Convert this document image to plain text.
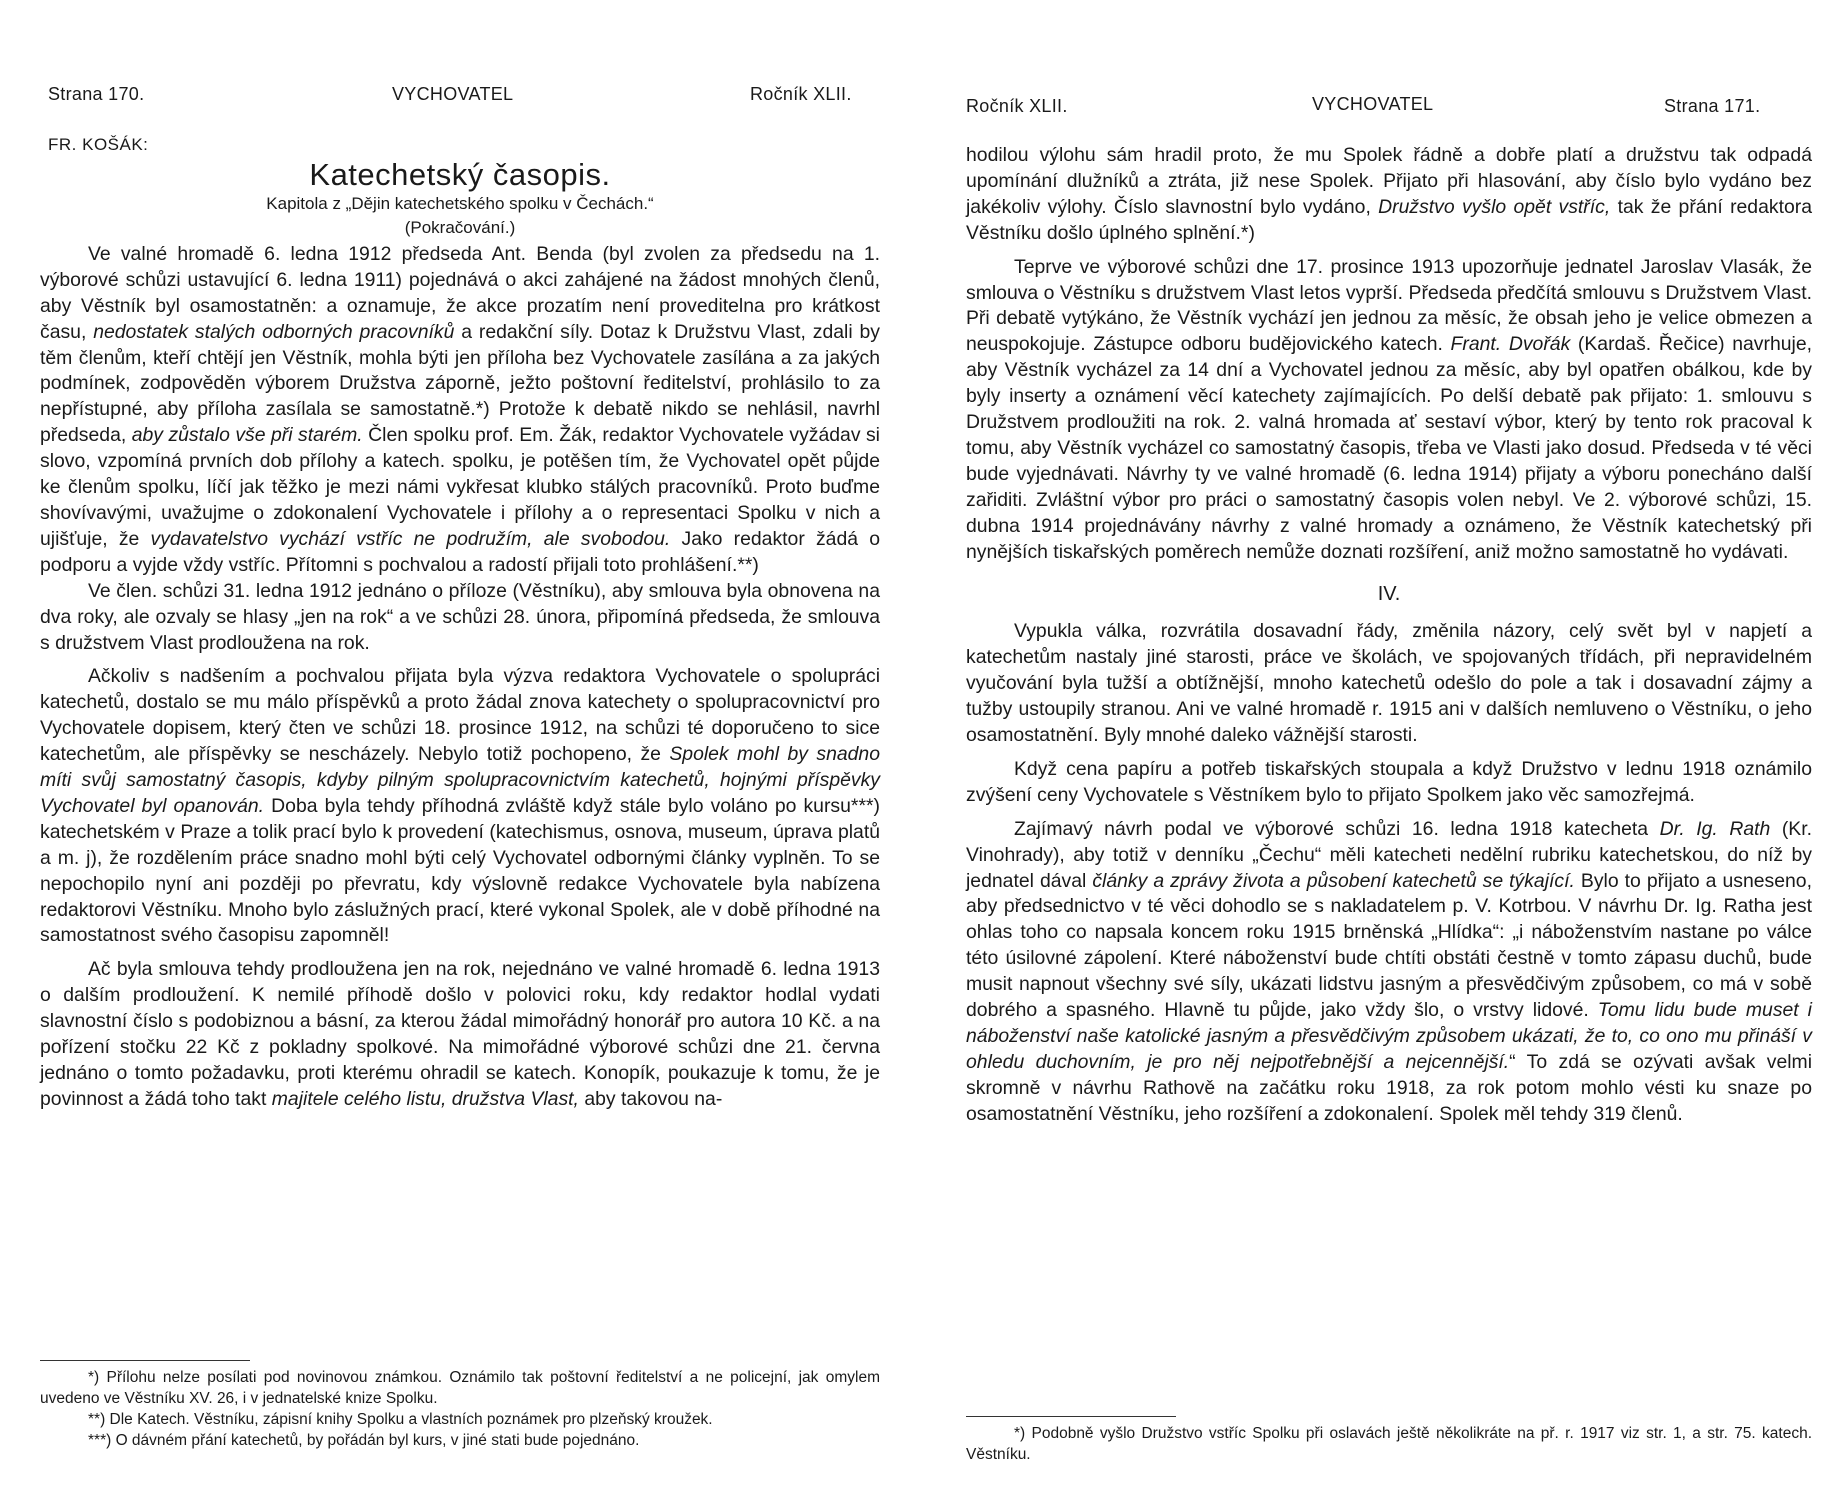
Strana 170.	VYCHOVATEL	Ročník XLII.
FR. KOŠÁK:
Katechetský časopis.
Kapitola z „Dějin katechetského spolku v Čechách.“
(Pokračování.)

Ve valné hromadě 6. ledna 1912 předseda Ant. Benda (byl zvolen za předsedu na 1. výborové schůzi ustavující 6. ledna 1911) pojednává o akci zahájené na žádost mnohých členů, aby Věstník byl osamostatněn: a oznamuje, že akce prozatím není proveditelna pro krátkost času, nedostatek stalých odborných pracovníků a redakční síly. Dotaz k Družstvu Vlast, zdali by těm členům, kteří chtějí jen Věstník, mohla býti jen příloha bez Vychovatele zasílána a za jakých podmínek, zodpověděn výborem Družstva záporně, ježto poštovní ředitelství, prohlásilo to za nepřístupné, aby příloha zasílala se samostatně.*) Protože k debatě nikdo se nehlásil, navrhl předseda, aby zůstalo vše při starém. Člen spolku prof. Em. Žák, redaktor Vychovatele vyžádav si slovo, vzpomíná prvních dob přílohy a katech. spolku, je potěšen tím, že Vychovatel opět půjde ke členům spolku, líčí jak těžko je mezi námi vykřesat klubko stálých pracovníků. Proto buďme shovívavými, uvažujme o zdokonalení Vychovatele i přílohy a o representaci Spolku v nich a ujišťuje, že vydavatelstvo vychází vstříc ne podružím, ale svobodou. Jako redaktor žádá o podporu a vyjde vždy vstříc. Přítomni s pochvalou a radostí přijali toto prohlášení.**)

Ve člen. schůzi 31. ledna 1912 jednáno o příloze (Věstníku), aby smlouva byla obnovena na dva roky, ale ozvaly se hlasy „jen na rok“ a ve schůzi 28. února, připomíná předseda, že smlouva s družstvem Vlast prodloužena na rok.

Ačkoliv s nadšením a pochvalou přijata byla výzva redaktora Vychovatele o spolupráci katechetů, dostalo se mu málo příspěvků a proto žádal znova katechety o spolupracovnictví pro Vychovatele dopisem, který čten ve schůzi 18. prosince 1912, na schůzi té doporučeno to sice katechetům, ale příspěvky se nescházely. Nebylo totiž pochopeno, že Spolek mohl by snadno míti svůj samostatný časopis, kdyby pilným spolupracovnictvím katechetů, hojnými příspěvky Vychovatel byl opanován. Doba byla tehdy příhodná zvláště když stále bylo voláno po kursu***) katechetském v Praze a tolik prací bylo k provedení (katechismus, osnova, museum, úprava platů a m. j), že rozdělením práce snadno mohl býti celý Vychovatel odbornými články vyplněn. To se nepochopilo nyní ani později po převratu, kdy výslovně redakce Vychovatele byla nabízena redaktorovi Věstníku. Mnoho bylo záslužných prací, které vykonal Spolek, ale v době příhodné na samostatnost svého časopisu zapomněl!

Ač byla smlouva tehdy prodloužena jen na rok, nejednáno ve valné hromadě 6. ledna 1913 o dalším prodloužení. K nemilé příhodě došlo v polovici roku, kdy redaktor hodlal vydati slavnostní číslo s podobiznou a básní, za kterou žádal mimořádný honorář pro autora 10 Kč. a na pořízení stočku 22 Kč z pokladny spolkové. Na mimořádné výborové schůzi dne 21. června jednáno o tomto požadavku, proti kterému ohradil se katech. Konopík, poukazuje k tomu, že je povinnost a žádá toho takt majitele celého listu, družstva Vlast, aby takovou na-

*) Přílohu nelze posílati pod novinovou známkou. Oznámilo tak poštovní ředitelství a ne policejní, jak omylem uvedeno ve Věstníku XV. 26, i v jednatelské knize Spolku.
**) Dle Katech. Věstníku, zápisní knihy Spolku a vlastních poznámek pro plzeňský kroužek.
***) O dávném přání katechetů, by pořádán byl kurs, v jiné stati bude pojednáno.
Ročník XLII.	VYCHOVATEL	Strana 171.

hodilou výlohu sám hradil proto, že mu Spolek řádně a dobře platí a družstvu tak odpadá upomínání dlužníků a ztráta, již nese Spolek. Přijato při hlasování, aby číslo bylo vydáno bez jakékoliv výlohy. Číslo slavnostní bylo vydáno, Družstvo vyšlo opět vstříc, tak že přání redaktora Věstníku došlo úplného splnění.*)

Teprve ve výborové schůzi dne 17. prosince 1913 upozorňuje jednatel Jaroslav Vlasák, že smlouva o Věstníku s družstvem Vlast letos vyprší. Předseda předčítá smlouvu s Družstvem Vlast. Při debatě vytýkáno, že Věstník vychází jen jednou za měsíc, že obsah jeho je velice obmezen a neuspokojuje. Zástupce odboru budějovického katech. Frant. Dvořák (Kardaš. Řečice) navrhuje, aby Věstník vycházel za 14 dní a Vychovatel jednou za měsíc, aby byl opatřen obálkou, kde by byly inserty a oznámení věcí katechety zajímajících. Po delší debatě pak přijato: 1. smlouvu s Družstvem prodloužiti na rok. 2. valná hromada ať sestaví výbor, který by tento rok pracoval k tomu, aby Věstník vycházel co samostatný časopis, třeba ve Vlasti jako dosud. Předseda v té věci bude vyjednávati. Návrhy ty ve valné hromadě (6. ledna 1914) přijaty a výboru ponecháno další zařiditi. Zvláštní výbor pro práci o samostatný časopis volen nebyl. Ve 2. výborové schůzi, 15. dubna 1914 projednávány návrhy z valné hromady a oznámeno, že Věstník katechetský při nynějších tiskařských poměrech nemůže doznati rozšíření, aniž možno samostatně ho vydávati.

IV.

Vypukla válka, rozvrátila dosavadní řády, změnila názory, celý svět byl v napjetí a katechetům nastaly jiné starosti, práce ve školách, ve spojovaných třídách, při nepravidelném vyučování byla tužší a obtížnější, mnoho katechetů odešlo do pole a tak i dosavadní zájmy a tužby ustoupily stranou. Ani ve valné hromadě r. 1915 ani v dalších nemluveno o Věstníku, o jeho osamostatnění. Byly mnohé daleko vážnější starosti.

Když cena papíru a potřeb tiskařských stoupala a když Družstvo v lednu 1918 oznámilo zvýšení ceny Vychovatele s Věstníkem bylo to přijato Spolkem jako věc samozřejmá.

Zajímavý návrh podal ve výborové schůzi 16. ledna 1918 katecheta Dr. Ig. Rath (Kr. Vinohrady), aby totiž v denníku „Čechu“ měli katecheti nedělní rubriku katechetskou, do níž by jednatel dával články a zprávy života a působení katechetů se týkající. Bylo to přijato a usneseno, aby předsednictvo v té věci dohodlo se s nakladatelem p. V. Kotrbou. V návrhu Dr. Ig. Ratha jest ohlas toho co napsala koncem roku 1915 brněnská „Hlídka“: „i náboženstvím nastane po válce této úsilovné zápolení. Které náboženství bude chtíti obstáti čestně v tomto zápasu duchů, bude musit napnout všechny své síly, ukázati lidstvu jasným a přesvědčivým způsobem, co má v sobě dobrého a spasného. Hlavně tu půjde, jako vždy šlo, o vrstvy lidové. Tomu lidu bude muset i náboženství naše katolické jasným a přesvědčivým způsobem ukázati, že to, co ono mu přináší v ohledu duchovním, je pro něj nejpotřebnější a nejcennější.“ To zdá se ozývati avšak velmi skromně v návrhu Rathově na začátku roku 1918, za rok potom mohlo vésti ku snaze po osamostatnění Věstníku, jeho rozšíření a zdokonalení. Spolek měl tehdy 319 členů.

*) Podobně vyšlo Družstvo vstříc Spolku při oslavách ještě několikráte na př. r. 1917 viz str. 1, a str. 75. katech. Věstníku.
